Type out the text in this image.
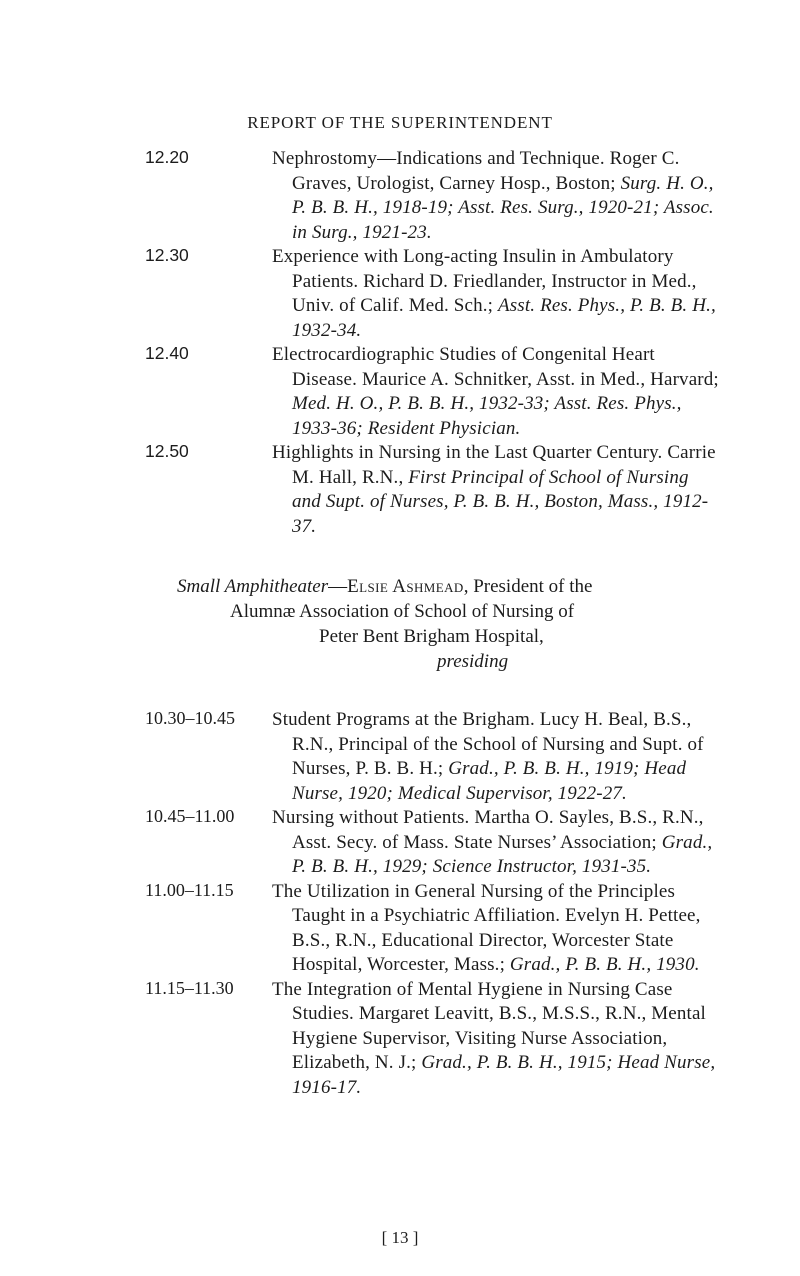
REPORT OF THE SUPERINTENDENT
12.20	Nephrostomy—Indications and Technique. Roger C. Graves, Urologist, Carney Hosp., Boston; Surg. H. O., P. B. B. H., 1918-19; Asst. Res. Surg., 1920-21; Assoc. in Surg., 1921-23.
12.30	Experience with Long-acting Insulin in Ambulatory Patients. Richard D. Friedlander, Instructor in Med., Univ. of Calif. Med. Sch.; Asst. Res. Phys., P. B. B. H., 1932-34.
12.40	Electrocardiographic Studies of Congenital Heart Disease. Maurice A. Schnitker, Asst. in Med., Harvard; Med. H. O., P. B. B. H., 1932-33; Asst. Res. Phys., 1933-36; Resident Physician.
12.50	Highlights in Nursing in the Last Quarter Century. Carrie M. Hall, R.N., First Principal of School of Nursing and Supt. of Nurses, P. B. B. H., Boston, Mass., 1912-37.
Small Amphitheater—Elsie Ashmead, President of the
Alumnæ Association of School of Nursing of
Peter Bent Brigham Hospital,
presiding
10.30–10.45 Student Programs at the Brigham. Lucy H. Beal, B.S., R.N., Principal of the School of Nursing and Supt. of Nurses, P. B. B. H.; Grad., P. B. B. H., 1919; Head Nurse, 1920; Medical Supervisor, 1922-27.
10.45–11.00 Nursing without Patients. Martha O. Sayles, B.S., R.N., Asst. Secy. of Mass. State Nurses’ Association; Grad., P. B. B. H., 1929; Science Instructor, 1931-35.
11.00–11.15 The Utilization in General Nursing of the Principles Taught in a Psychiatric Affiliation. Evelyn H. Pettee, B.S., R.N., Educational Director, Worcester State Hospital, Worcester, Mass.; Grad., P. B. B. H., 1930.
11.15–11.30 The Integration of Mental Hygiene in Nursing Case Studies. Margaret Leavitt, B.S., M.S.S., R.N., Mental Hygiene Supervisor, Visiting Nurse Association, Elizabeth, N. J.; Grad., P. B. B. H., 1915; Head Nurse, 1916-17.
[ 13 ]
